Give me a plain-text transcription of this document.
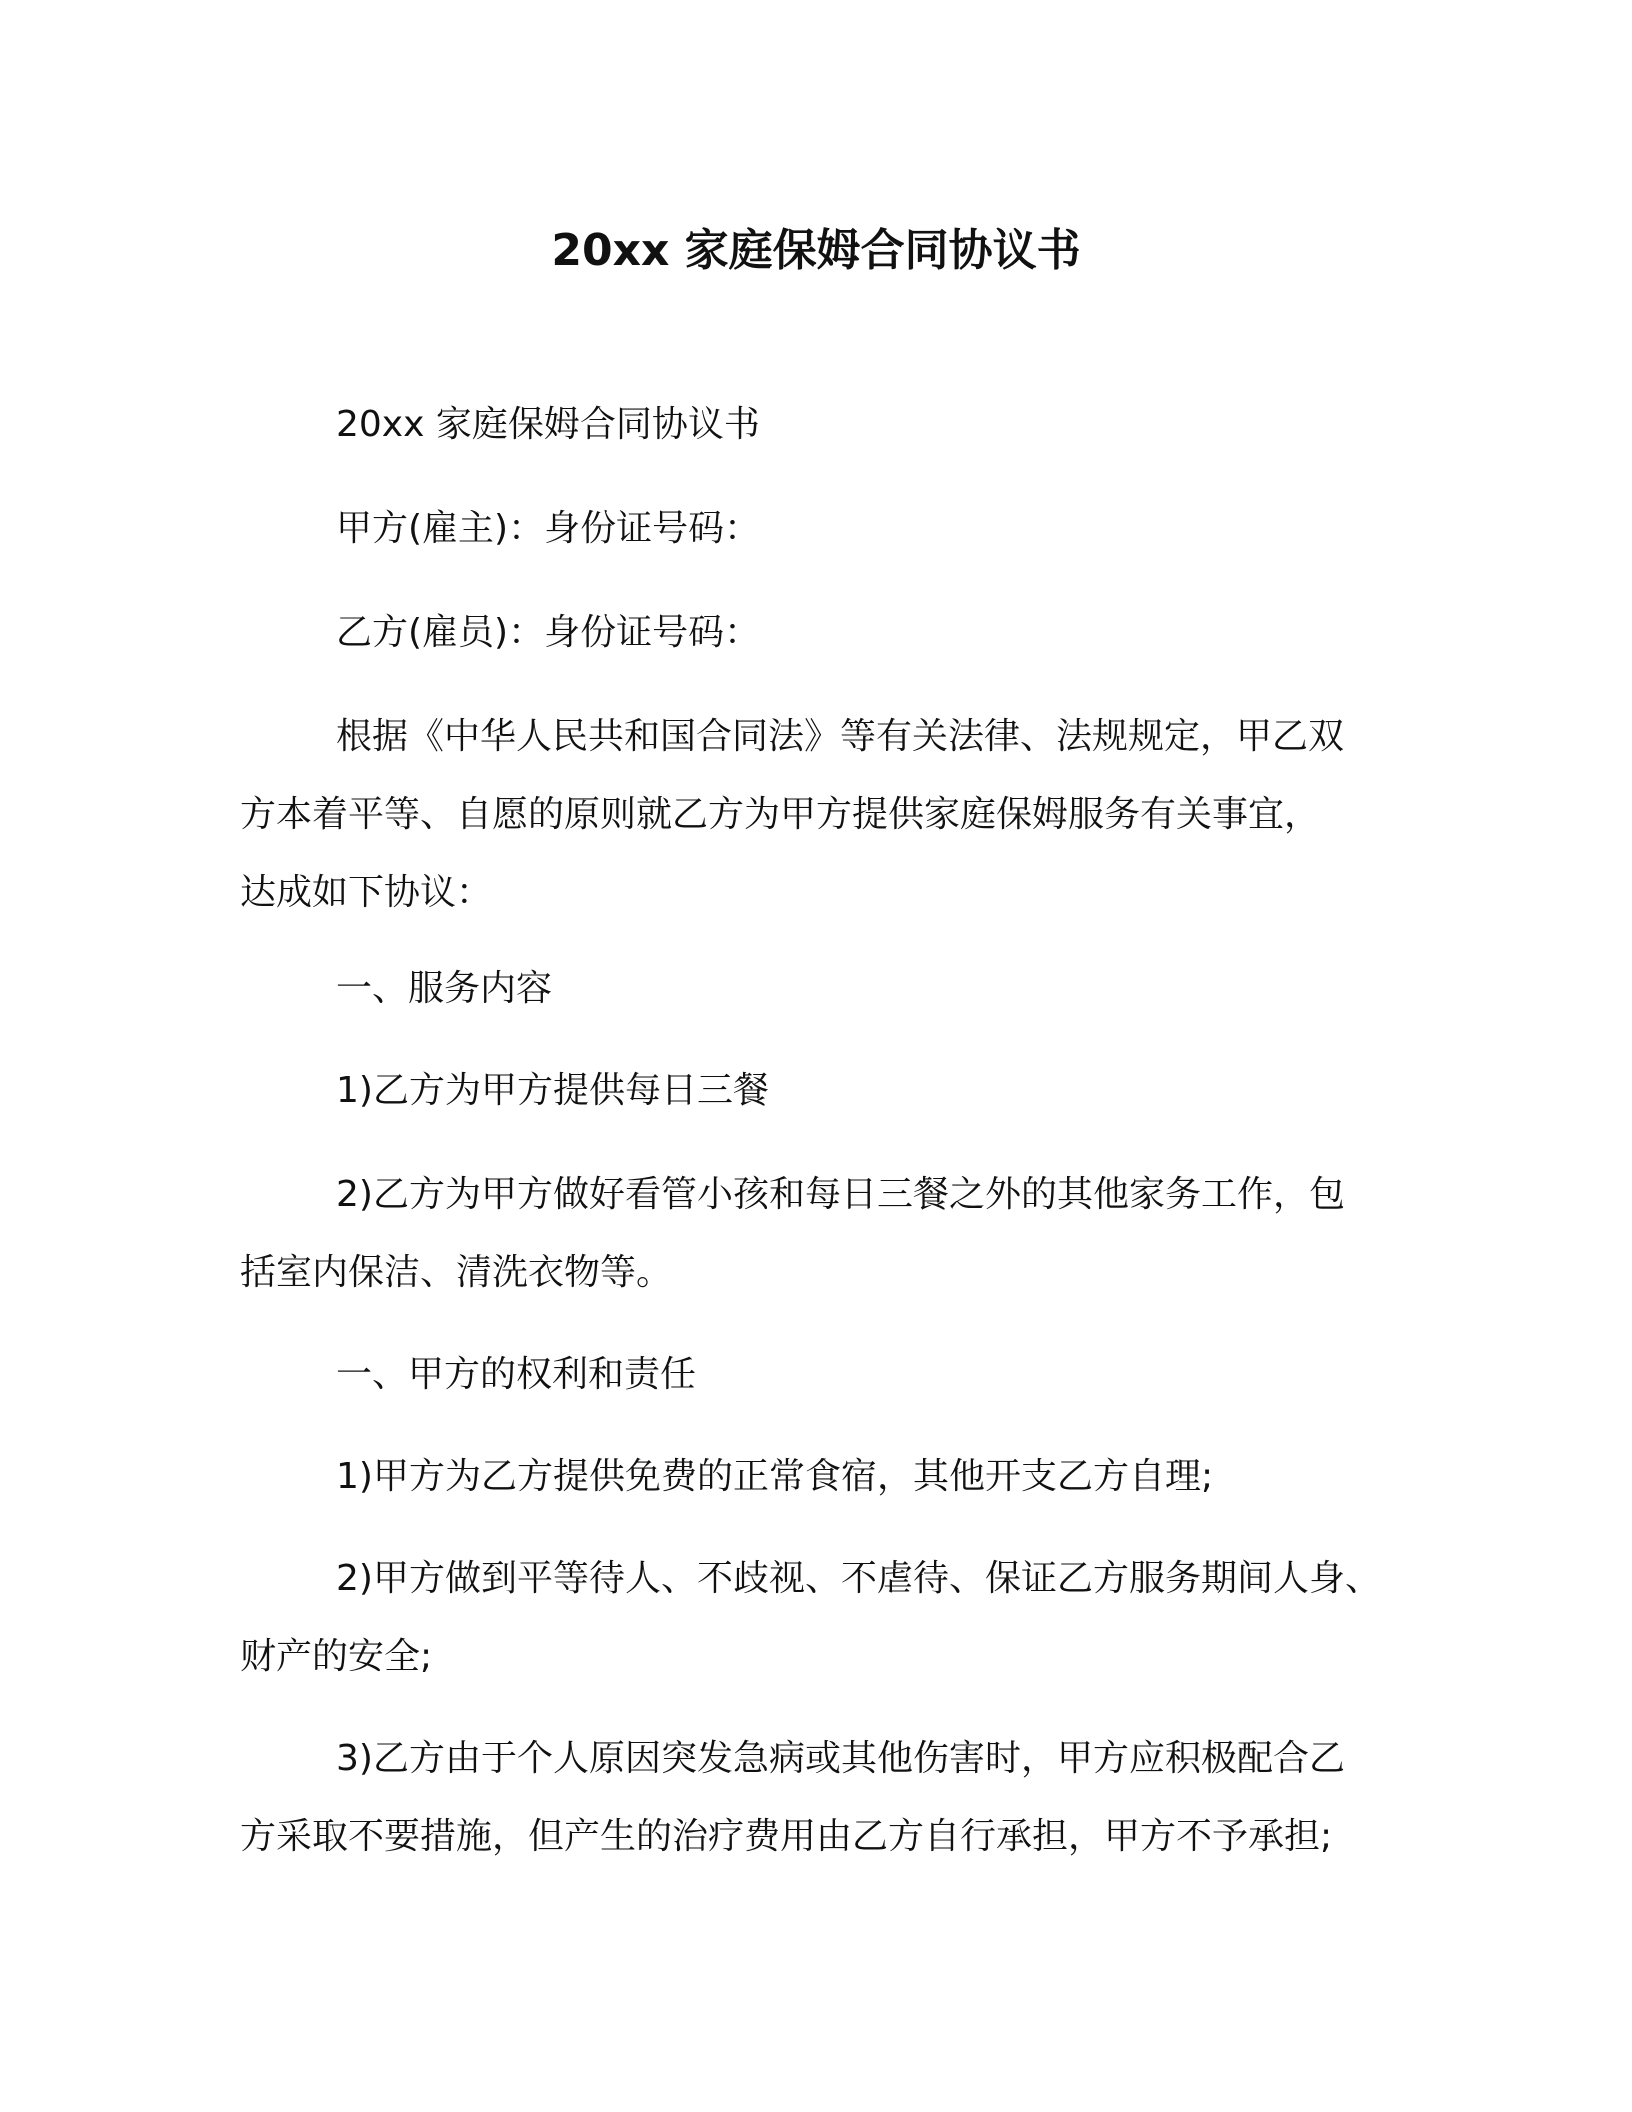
20xx 家庭保姆合同协议书

20xx 家庭保姆合同协议书

甲方(雇主)：身份证号码：

乙方(雇员)：身份证号码：

根据《中华人民共和国合同法》等有关法律、法规规定，甲乙双
方本着平等、自愿的原则就乙方为甲方提供家庭保姆服务有关事宜，
达成如下协议：

一、服务内容

1)乙方为甲方提供每日三餐

2)乙方为甲方做好看管小孩和每日三餐之外的其他家务工作，包
括室内保洁、清洗衣物等。

一、甲方的权利和责任

1)甲方为乙方提供免费的正常食宿，其他开支乙方自理;

2)甲方做到平等待人、不歧视、不虐待、保证乙方服务期间人身、
财产的安全;

3)乙方由于个人原因突发急病或其他伤害时，甲方应积极配合乙
方采取不要措施，但产生的治疗费用由乙方自行承担，甲方不予承担;
